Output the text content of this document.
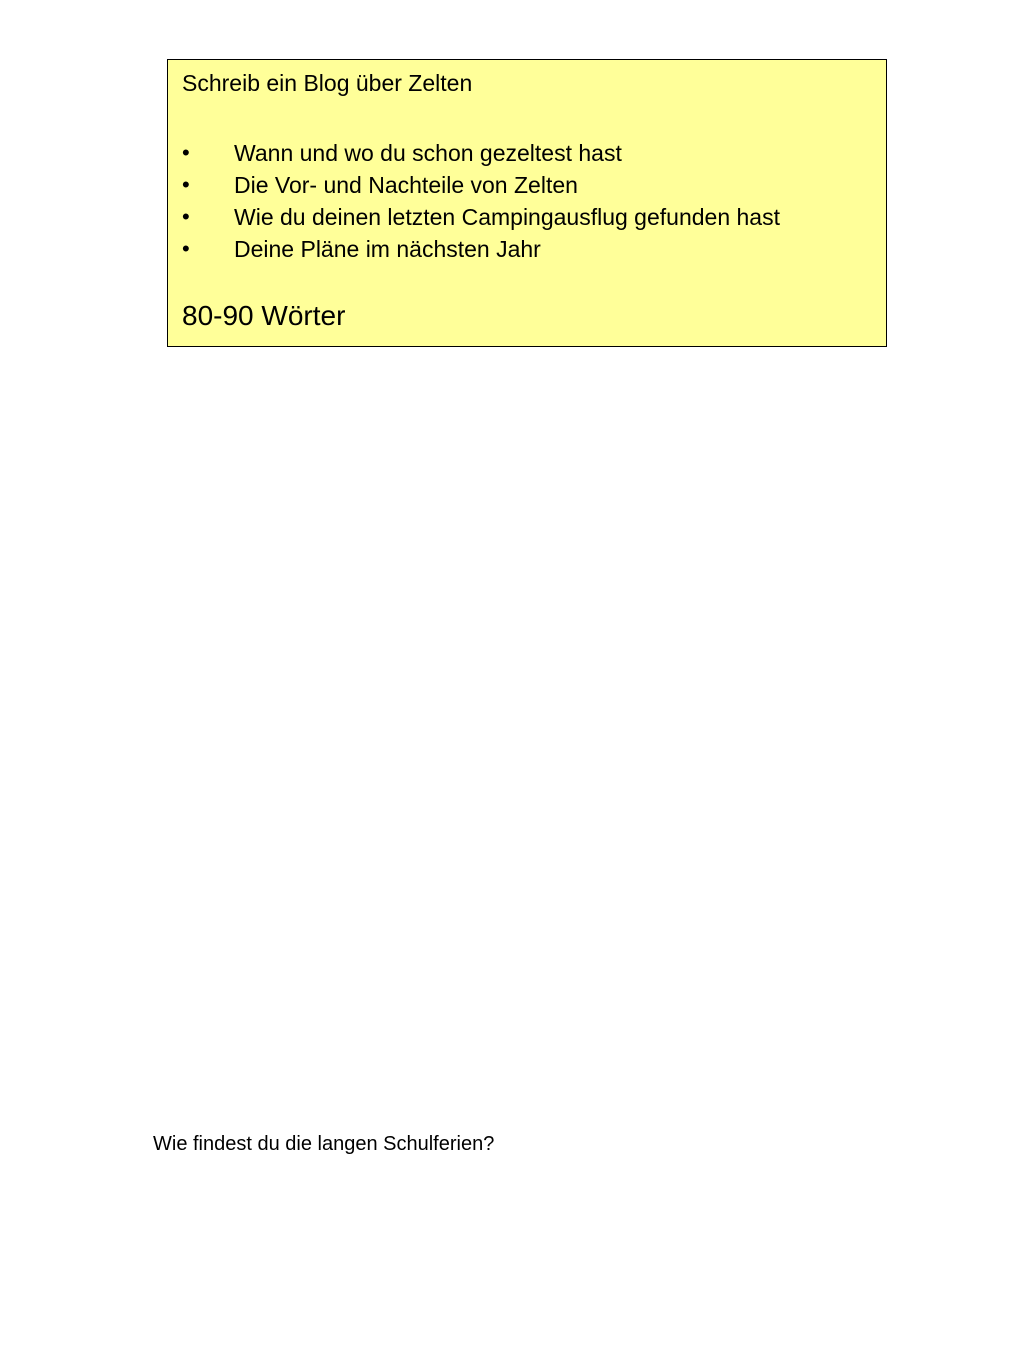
Schreib ein Blog über Zelten
•	Wann und wo du schon gezeltest hast
•	Die Vor- und Nachteile von Zelten
•	Wie du deinen letzten Campingausflug gefunden hast
•	Deine Pläne im nächsten Jahr
80-90 Wörter
Wie findest du die langen Schulferien?
